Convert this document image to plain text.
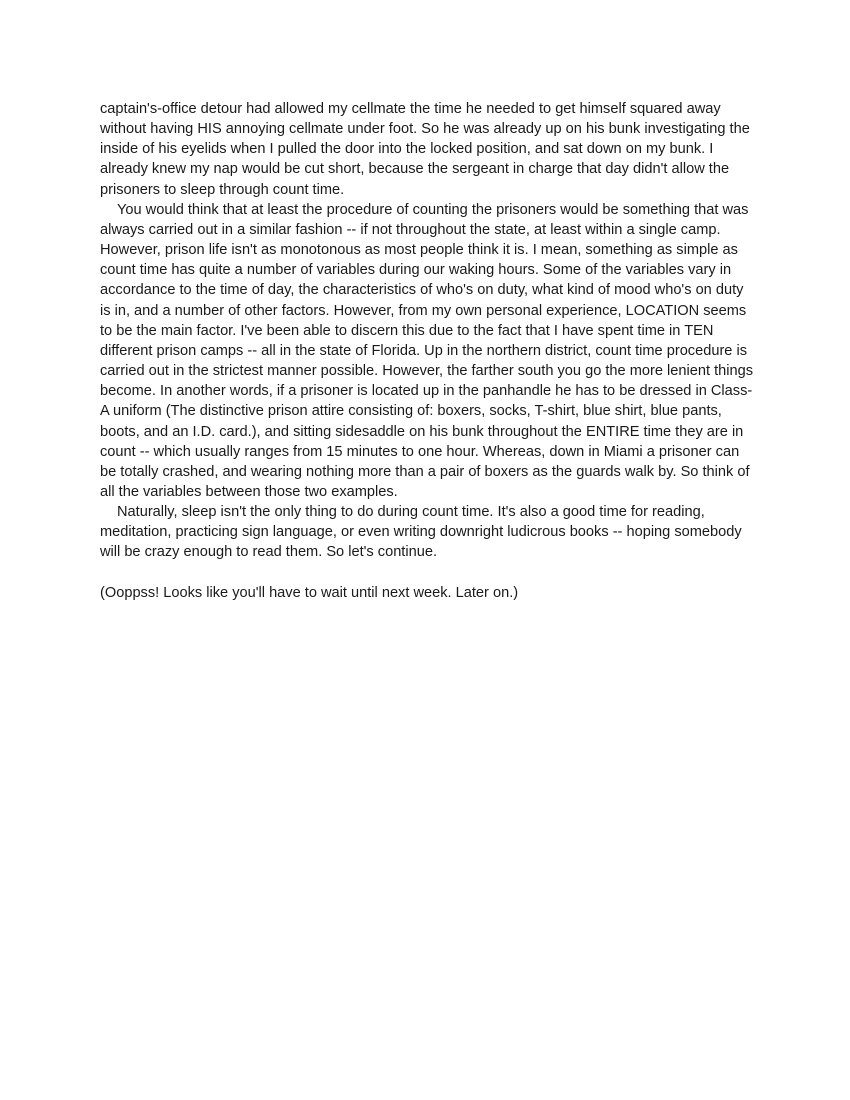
captain's-office detour had allowed my cellmate the time he needed to get himself squared away without having HIS annoying cellmate under foot. So he was already up on his bunk investigating the inside of his eyelids when I pulled the door into the locked position, and sat down on my bunk. I already knew my nap would be cut short, because the sergeant in charge that day didn't allow the prisoners to sleep through count time.

You would think that at least the procedure of counting the prisoners would be something that was always carried out in a similar fashion -- if not throughout the state, at least within a single camp. However, prison life isn't as monotonous as most people think it is. I mean, something as simple as count time has quite a number of variables during our waking hours. Some of the variables vary in accordance to the time of day, the characteristics of who's on duty, what kind of mood who's on duty is in, and a number of other factors. However, from my own personal experience, LOCATION seems to be the main factor. I've been able to discern this due to the fact that I have spent time in TEN different prison camps -- all in the state of Florida. Up in the northern district, count time procedure is carried out in the strictest manner possible. However, the farther south you go the more lenient things become. In another words, if a prisoner is located up in the panhandle he has to be dressed in Class-A uniform (The distinctive prison attire consisting of: boxers, socks, T-shirt, blue shirt, blue pants, boots, and an I.D. card.), and sitting sidesaddle on his bunk throughout the ENTIRE time they are in count -- which usually ranges from 15 minutes to one hour. Whereas, down in Miami a prisoner can be totally crashed, and wearing nothing more than a pair of boxers as the guards walk by. So think of all the variables between those two examples.

Naturally, sleep isn't the only thing to do during count time. It's also a good time for reading, meditation, practicing sign language, or even writing downright ludicrous books -- hoping somebody will be crazy enough to read them. So let's continue.

(Ooppss! Looks like you'll have to wait until next week. Later on.)
